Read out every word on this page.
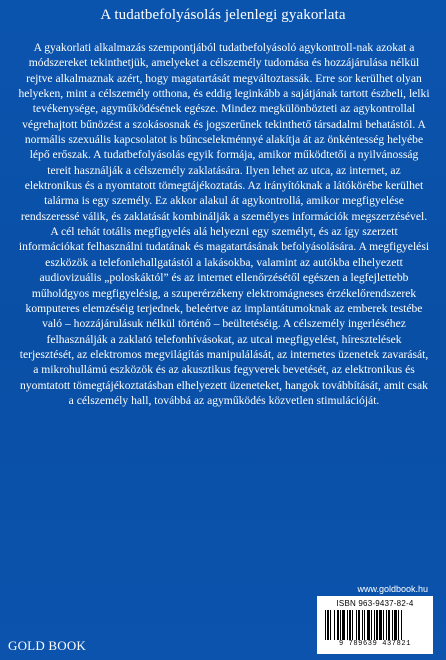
A tudatbefolyásolás jelenlegi gyakorlata

A gyakorlati alkalmazás szempontjából tudatbefolyásoló agykontroll-nak azokat a módszereket tekinthetjük, amelyeket a célszemély tudomása és hozzájárulása nélkül rejtve alkalmaznak azért, hogy magatartását megváltoztassák. Erre sor kerülhet olyan helyeken, mint a célszemély otthona, és eddig leginkább a sajátjának tartott észbeli, lelki tevékenysége, agyműködésének egésze. Mindez megkülönbözteti az agykontrollal végrehajtott bűnözést a szokásosnak és jogszerűnek tekinthető társadalmi behatástól. A normális szexuális kapcsolatot is bűncselekménnyé alakítja át az önkéntesség helyébe lépő erőszak. A tudatbefolyásolás egyik formája, amikor működtetői a nyilvánosság tereit használják a célszemély zaklatására. Ilyen lehet az utca, az internet, az elektronikus és a nyomtatott tömegtájékoztatás. Az irányítóknak a látókörébe kerülhet talárma is egy személy. Ez akkor alakul át agykontrollá, amikor megfigyelése rendszeressé válik, és zaklatását kombinálják a személyes információk megszerzésével.

A cél tehát totális megfigyelés alá helyezni egy személyt, és az így szerzett információkat felhasználni tudatának és magatartásának befolyásolására. A megfigyelési eszközök a telefonlehallgatástól a lakásokba, valamint az autókba elhelyezett audiovizuális „poloskáktól” és az internet ellenőrzésétől egészen a legfejlettebb műholdgyos megfigyelésig, a szuperérzékeny elektromágneses érzékelőrendszerek komputeres elemzéséig terjednek, beleértve az implantátumoknak az emberek testébe való – hozzájárulásuk nélkül történő – beültetéséig. A célszemély ingerléséhez felhasználják a zaklató telefonhívásokat, az utcai megfigyelést, híresztelések terjesztését, az elektromos megvilágítás manipulálását, az internetes üzenetek zavarását, a mikrohullámú eszközök és az akusztikus fegyverek bevetését, az elektronikus és nyomtatott tömegtájékoztatásban elhelyezett üzeneteket, hangok továbbítását, amit csak a célszemély hall, továbbá az agyműködés közvetlen stimulációját.

www.goldbook.hu
GOLD BOOK
ISBN 963-9437-82-4
9 789639 437821
